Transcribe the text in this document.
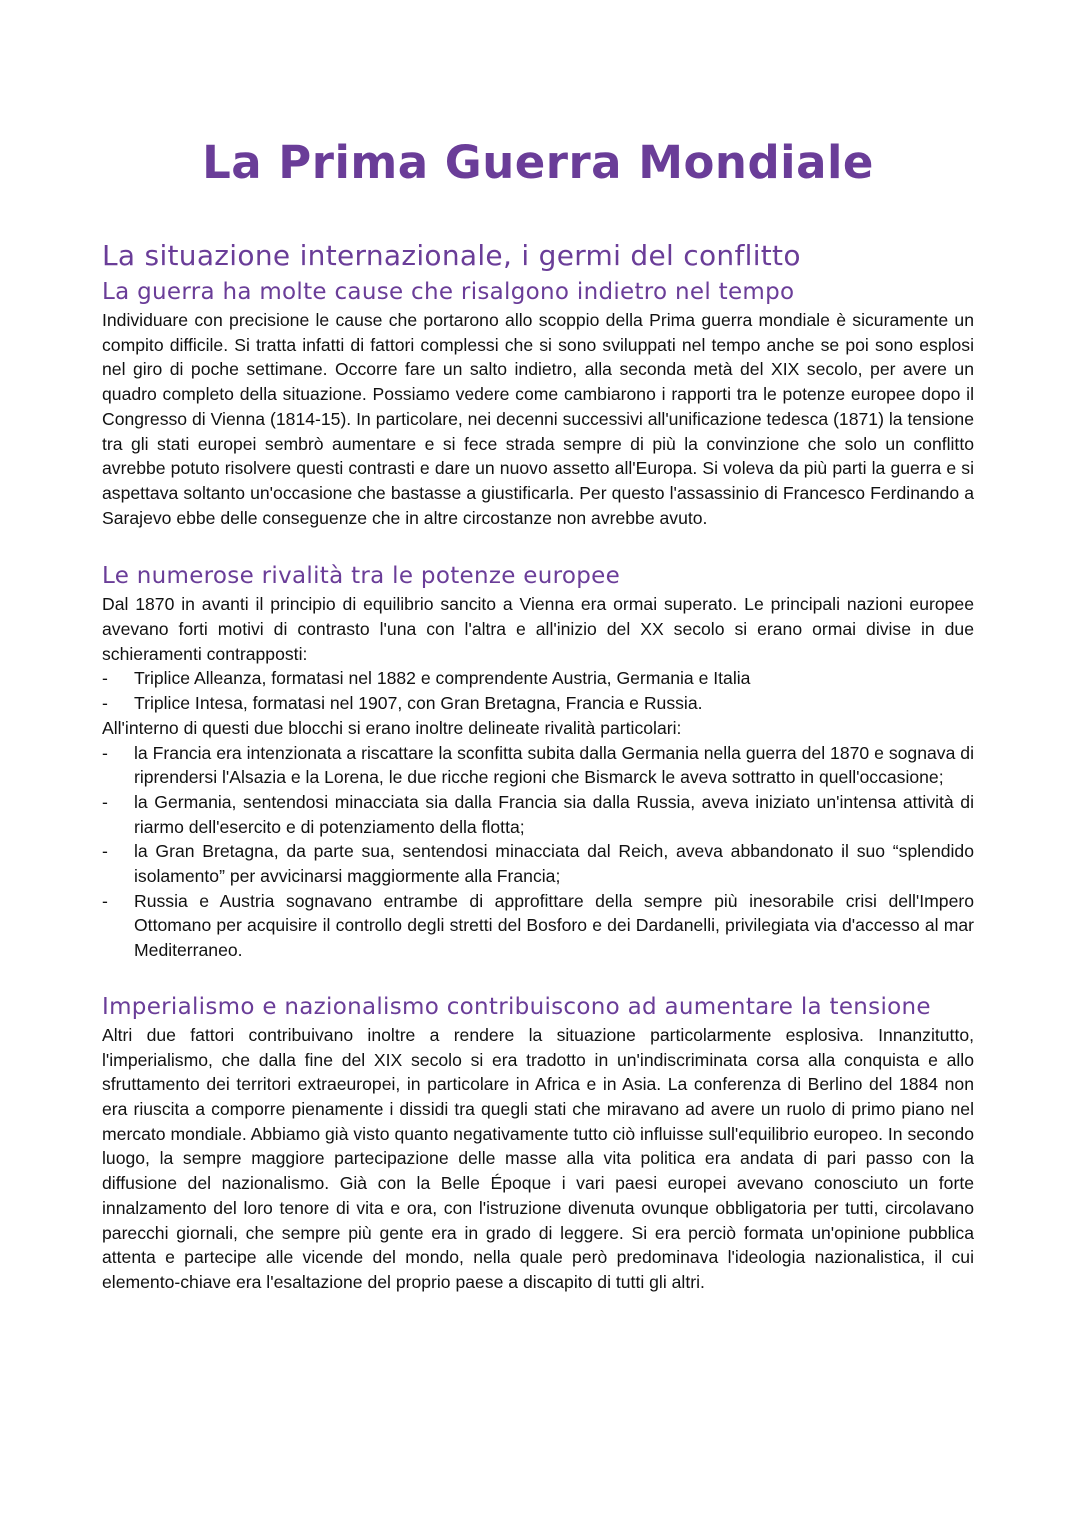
La Prima Guerra Mondiale
La situazione internazionale, i germi del conflitto
La guerra ha molte cause che risalgono indietro nel tempo

Individuare con precisione le cause che portarono allo scoppio della Prima guerra mondiale è sicuramente un compito difficile. Si tratta infatti di fattori complessi che si sono sviluppati nel tempo anche se poi sono esplosi nel giro di poche settimane. Occorre fare un salto indietro, alla seconda metà del XIX secolo, per avere un quadro completo della situazione. Possiamo vedere come cambiarono i rapporti tra le potenze europee dopo il Congresso di Vienna (1814-15). In particolare, nei decenni successivi all'unificazione tedesca (1871) la tensione tra gli stati europei sembrò aumentare e si fece strada sempre di più la convinzione che solo un conflitto avrebbe potuto risolvere questi contrasti e dare un nuovo assetto all'Europa. Si voleva da più parti la guerra e si aspettava soltanto un'occasione che bastasse a giustificarla. Per questo l'assassinio di Francesco Ferdinando a Sarajevo ebbe delle conseguenze che in altre circostanze non avrebbe avuto.

Le numerose rivalità tra le potenze europee

Dal 1870 in avanti il principio di equilibrio sancito a Vienna era ormai superato. Le principali nazioni europee avevano forti motivi di contrasto l'una con l'altra e all'inizio del XX secolo si erano ormai divise in due schieramenti contrapposti:

- Triplice Alleanza, formatasi nel 1882 e comprendente Austria, Germania e Italia
- Triplice Intesa, formatasi nel 1907, con Gran Bretagna, Francia e Russia.

All'interno di questi due blocchi si erano inoltre delineate rivalità particolari:

- la Francia era intenzionata a riscattare la sconfitta subita dalla Germania nella guerra del 1870 e sognava di riprendersi l'Alsazia e la Lorena, le due ricche regioni che Bismarck le aveva sottratto in quell'occasione;
- la Germania, sentendosi minacciata sia dalla Francia sia dalla Russia, aveva iniziato un'intensa attività di riarmo dell'esercito e di potenziamento della flotta;
- la Gran Bretagna, da parte sua, sentendosi minacciata dal Reich, aveva abbandonato il suo “splendido isolamento” per avvicinarsi maggiormente alla Francia;
- Russia e Austria sognavano entrambe di approfittare della sempre più inesorabile crisi dell'Impero Ottomano per acquisire il controllo degli stretti del Bosforo e dei Dardanelli, privilegiata via d'accesso al mar Mediterraneo.
Imperialismo e nazionalismo contribuiscono ad aumentare la tensione

Altri due fattori contribuivano inoltre a rendere la situazione particolarmente esplosiva. Innanzitutto, l'imperialismo, che dalla fine del XIX secolo si era tradotto in un'indiscriminata corsa alla conquista e allo sfruttamento dei territori extraeuropei, in particolare in Africa e in Asia. La conferenza di Berlino del 1884 non era riuscita a comporre pienamente i dissidi tra quegli stati che miravano ad avere un ruolo di primo piano nel mercato mondiale. Abbiamo già visto quanto negativamente tutto ciò influisse sull'equilibrio europeo. In secondo luogo, la sempre maggiore partecipazione delle masse alla vita politica era andata di pari passo con la diffusione del nazionalismo. Già con la Belle Époque i vari paesi europei avevano conosciuto un forte innalzamento del loro tenore di vita e ora, con l'istruzione divenuta ovunque obbligatoria per tutti, circolavano parecchi giornali, che sempre più gente era in grado di leggere. Si era perciò formata un'opinione pubblica attenta e partecipe alle vicende del mondo, nella quale però predominava l'ideologia nazionalistica, il cui elemento-chiave era l'esaltazione del proprio paese a discapito di tutti gli altri.
